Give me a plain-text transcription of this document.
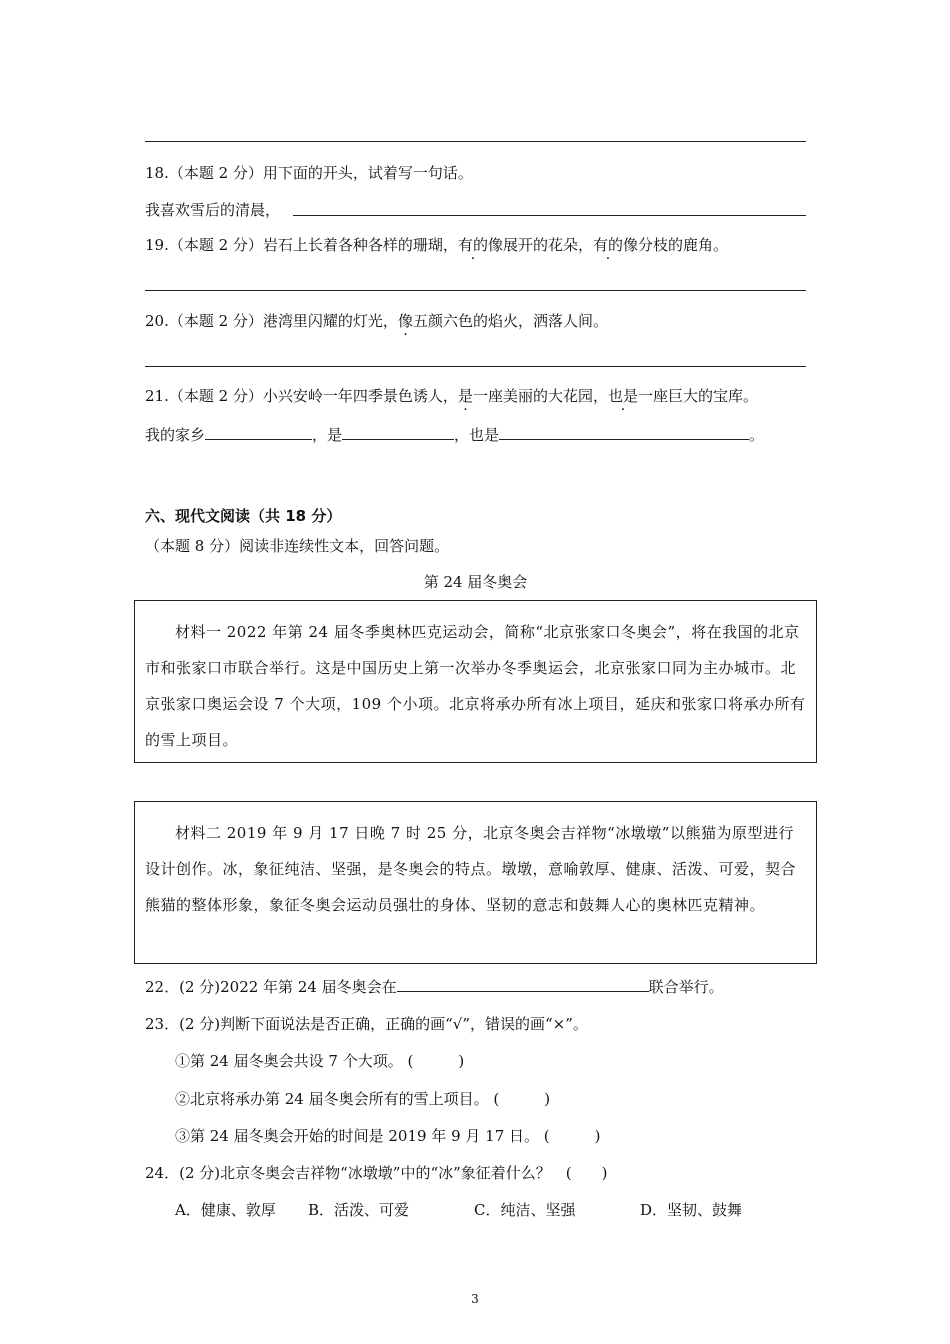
18.（本题 2 分）用下面的开头，试着写一句话。
我喜欢雪后的清晨，
19.（本题 2 分）岩石上长着各种各样的珊瑚，有的像展开的花朵，有的像分枝的鹿角。
20.（本题 2 分）港湾里闪耀的灯光，像五颜六色的焰火，洒落人间。
21.（本题 2 分）小兴安岭一年四季景色诱人，是一座美丽的大花园，也是一座巨大的宝库。
我的家乡	，是	，也是	。
六、现代文阅读（共 18 分）
（本题 8 分）阅读非连续性文本，回答问题。
第 24 届冬奥会

材料一 2022 年第 24 届冬季奥林匹克运动会，简称“北京张家口冬奥会”，将在我国的北京市和张家口市联合举行。这是中国历史上第一次举办冬季奥运会，北京张家口同为主办城市。北京张家口奥运会设 7 个大项，109 个小项。北京将承办所有冰上项目，延庆和张家口将承办所有的雪上项目。

材料二 2019 年 9 月 17 日晚 7 时 25 分，北京冬奥会吉祥物“冰墩墩”以熊猫为原型进行设计创作。冰，象征纯洁、坚强，是冬奥会的特点。墩墩，意喻敦厚、健康、活泼、可爱，契合熊猫的整体形象，象征冬奥会运动员强壮的身体、坚韧的意志和鼓舞人心的奥林匹克精神。

22．(2 分)2022 年第 24 届冬奥会在	联合举行。
23．(2 分)判断下面说法是否正确，正确的画“√”，错误的画“×”。
①第 24 届冬奥会共设 7 个大项。 (　　　)
②北京将承办第 24 届冬奥会所有的雪上项目。 (　　　)
③第 24 届冬奥会开始的时间是 2019 年 9 月 17 日。 (　　　)
24．(2 分)北京冬奥会吉祥物“冰墩墩”中的“冰”象征着什么？　(　　)
A．健康、敦厚 B．活泼、可爱	C．纯洁、坚强	D．坚韧、鼓舞
3
